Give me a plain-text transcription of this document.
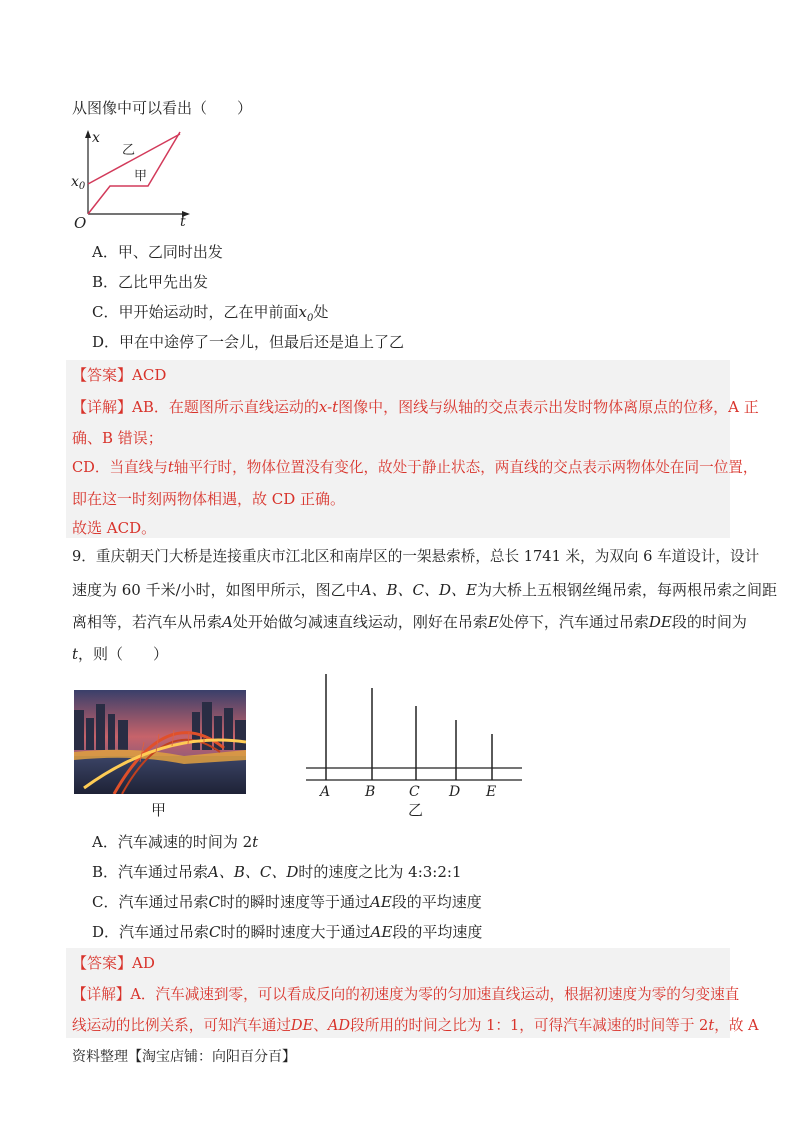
从图像中可以看出（　　）
x
t
O
$x_0$
乙
甲
A．甲、乙同时出发
B．乙比甲先出发
C．甲开始运动时，乙在甲前面$x_0$处
D．甲在中途停了一会儿，但最后还是追上了乙
【答案】ACD
【详解】AB．在题图所示直线运动的x-t图像中，图线与纵轴的交点表示出发时物体离原点的位移，A 正
确、B 错误；
CD．当直线与t轴平行时，物体位置没有变化，故处于静止状态，两直线的交点表示两物体处在同一位置，
即在这一时刻两物体相遇，故 CD 正确。
故选 ACD。
9．重庆朝天门大桥是连接重庆市江北区和南岸区的一架悬索桥，总长 1741 米，为双向 6 车道设计，设计
速度为 60 千米/小时，如图甲所示，图乙中A、B、C、D、E为大桥上五根钢丝绳吊索，每两根吊索之间距
离相等，若汽车从吊索A处开始做匀减速直线运动，刚好在吊索E处停下，汽车通过吊索DE段的时间为
t，则（　　）
甲
A B C D E
乙
A．汽车减速的时间为 2t
B．汽车通过吊索A、B、C、D时的速度之比为 4:3:2:1
C．汽车通过吊索C时的瞬时速度等于通过AE段的平均速度
D．汽车通过吊索C时的瞬时速度大于通过AE段的平均速度
【答案】AD
【详解】A．汽车减速到零，可以看成反向的初速度为零的匀加速直线运动，根据初速度为零的匀变速直
线运动的比例关系，可知汽车通过DE、AD段所用的时间之比为 1：1，可得汽车减速的时间等于 2t，故 A
资料整理【淘宝店铺：向阳百分百】
